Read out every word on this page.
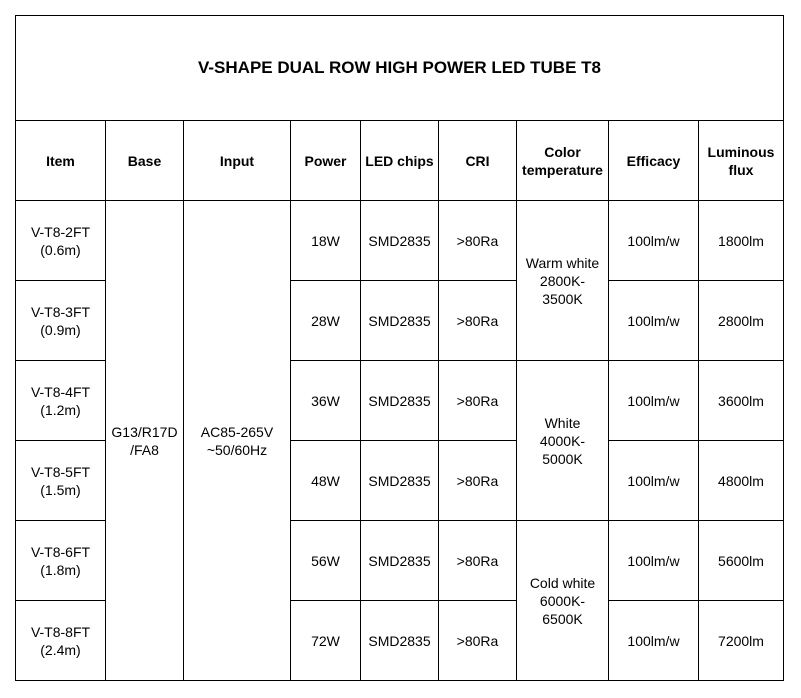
V-SHAPE DUAL ROW HIGH POWER LED TUBE T8								
Item	Base	Input	Power	LED chips	CRI	Color
temperature	Efficacy	Luminous
flux

V-T8-2FT
(0.6m)	G13/R17D
/FA8	AC85-265V
~50/60Hz	18W	SMD2835	>80Ra	Warm white
2800K-
3500K	100lm/w	1800lm

V-T8-3FT
(0.9m)			28W	SMD2835	>80Ra		100lm/w	2800lm

V-T8-4FT
(1.2m)			36W	SMD2835	>80Ra	White
4000K-
5000K	100lm/w	3600lm

V-T8-5FT
(1.5m)			48W	SMD2835	>80Ra		100lm/w	4800lm

V-T8-6FT
(1.8m)			56W	SMD2835	>80Ra	Cold white
6000K-
6500K	100lm/w	5600lm

V-T8-8FT
(2.4m)			72W	SMD2835	>80Ra		100lm/w	7200lm
